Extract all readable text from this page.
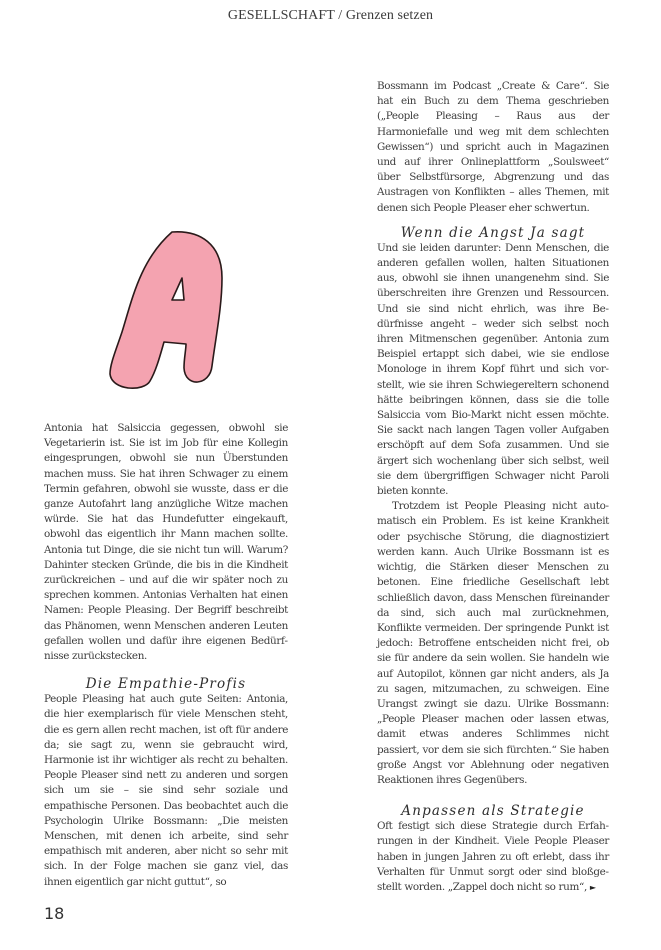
GESELLSCHAFT / Grenzen setzen

Antonia hat Salsiccia gegessen, obwohl sie Vegetarierin ist. Sie ist im Job für eine Kollegin eingesprungen, obwohl sie nun Überstunden machen muss. Sie hat ihren Schwager zu einem Termin gefahren, obwohl sie wusste, dass er die ganze Autofahrt lang anzügliche Witze machen würde. Sie hat das Hundefutter eingekauft, obwohl das eigentlich ihr Mann machen sollte. Antonia tut Dinge, die sie nicht tun will. Warum? Dahinter stecken Gründe, die bis in die Kindheit zurückreichen – und auf die wir später noch zu sprechen kommen. Antonias Verhalten hat einen Namen: People Pleasing. Der Begriff beschreibt das Phänomen, wenn Menschen anderen Leuten gefallen wollen und dafür ihre eigenen Bedürfnisse zurückstecken.

Die Empathie-Profis

People Pleasing hat auch gute Seiten: Antonia, die hier exemplarisch für viele Menschen steht, die es gern allen recht machen, ist oft für andere da; sie sagt zu, wenn sie gebraucht wird, Harmonie ist ihr wichtiger als recht zu behalten. People Pleaser sind nett zu anderen und sorgen sich um sie – sie sind sehr soziale und empathische Personen. Das beobachtet auch die Psychologin Ulrike Bossmann: „Die meisten Menschen, mit denen ich arbeite, sind sehr empathisch mit anderen, aber nicht so sehr mit sich. In der Folge machen sie ganz viel, das ihnen eigentlich gar nicht guttut“, so

Bossmann im Podcast „Create & Care“. Sie hat ein Buch zu dem Thema geschrieben („People Pleasing – Raus aus der Harmoniefalle und weg mit dem schlechten Gewissen“) und spricht auch in Magazinen und auf ihrer Onlineplattform „Soulsweet“ über Selbstfürsorge, Abgrenzung und das Austragen von Konflikten – alles Themen, mit denen sich People Pleaser eher schwertun.

Wenn die Angst Ja sagt

Und sie leiden darunter: Denn Menschen, die anderen gefallen wollen, halten Situationen aus, obwohl sie ihnen unangenehm sind. Sie überschreiten ihre Grenzen und Ressourcen. Und sie sind nicht ehrlich, was ihre Bedürfnisse angeht – weder sich selbst noch ihren Mitmenschen gegenüber. Antonia zum Beispiel ertappt sich dabei, wie sie endlose Monologe in ihrem Kopf führt und sich vorstellt, wie sie ihren Schwiegereltern schonend hätte beibringen können, dass sie die tolle Salsiccia vom Bio-Markt nicht essen möchte. Sie sackt nach langen Tagen voller Aufgaben erschöpft auf dem Sofa zusammen. Und sie ärgert sich wochenlang über sich selbst, weil sie dem übergriffigen Schwager nicht Paroli bieten konnte.

Trotzdem ist People Pleasing nicht automatisch ein Problem. Es ist keine Krankheit oder psychische Störung, die diagnostiziert werden kann. Auch Ulrike Bossmann ist es wichtig, die Stärken dieser Menschen zu betonen. Eine friedliche Gesellschaft lebt schließlich davon, dass Menschen füreinander da sind, sich auch mal zurücknehmen, Konflikte vermeiden. Der springende Punkt ist jedoch: Betroffene entscheiden nicht frei, ob sie für andere da sein wollen. Sie handeln wie auf Autopilot, können gar nicht anders, als Ja zu sagen, mitzumachen, zu schweigen. Eine Urangst zwingt sie dazu. Ulrike Bossmann: „People Pleaser machen oder lassen etwas, damit etwas anderes Schlimmes nicht passiert, vor dem sie sich fürchten.“ Sie haben große Angst vor Ablehnung oder negativen Reaktionen ihres Gegenübers.

Anpassen als Strategie

Oft festigt sich diese Strategie durch Erfahrungen in der Kindheit. Viele People Pleaser haben in jungen Jahren zu oft erlebt, dass ihr Verhalten für Unmut sorgt oder sind bloßgestellt worden. „Zappel doch nicht so rum“, ►

18
